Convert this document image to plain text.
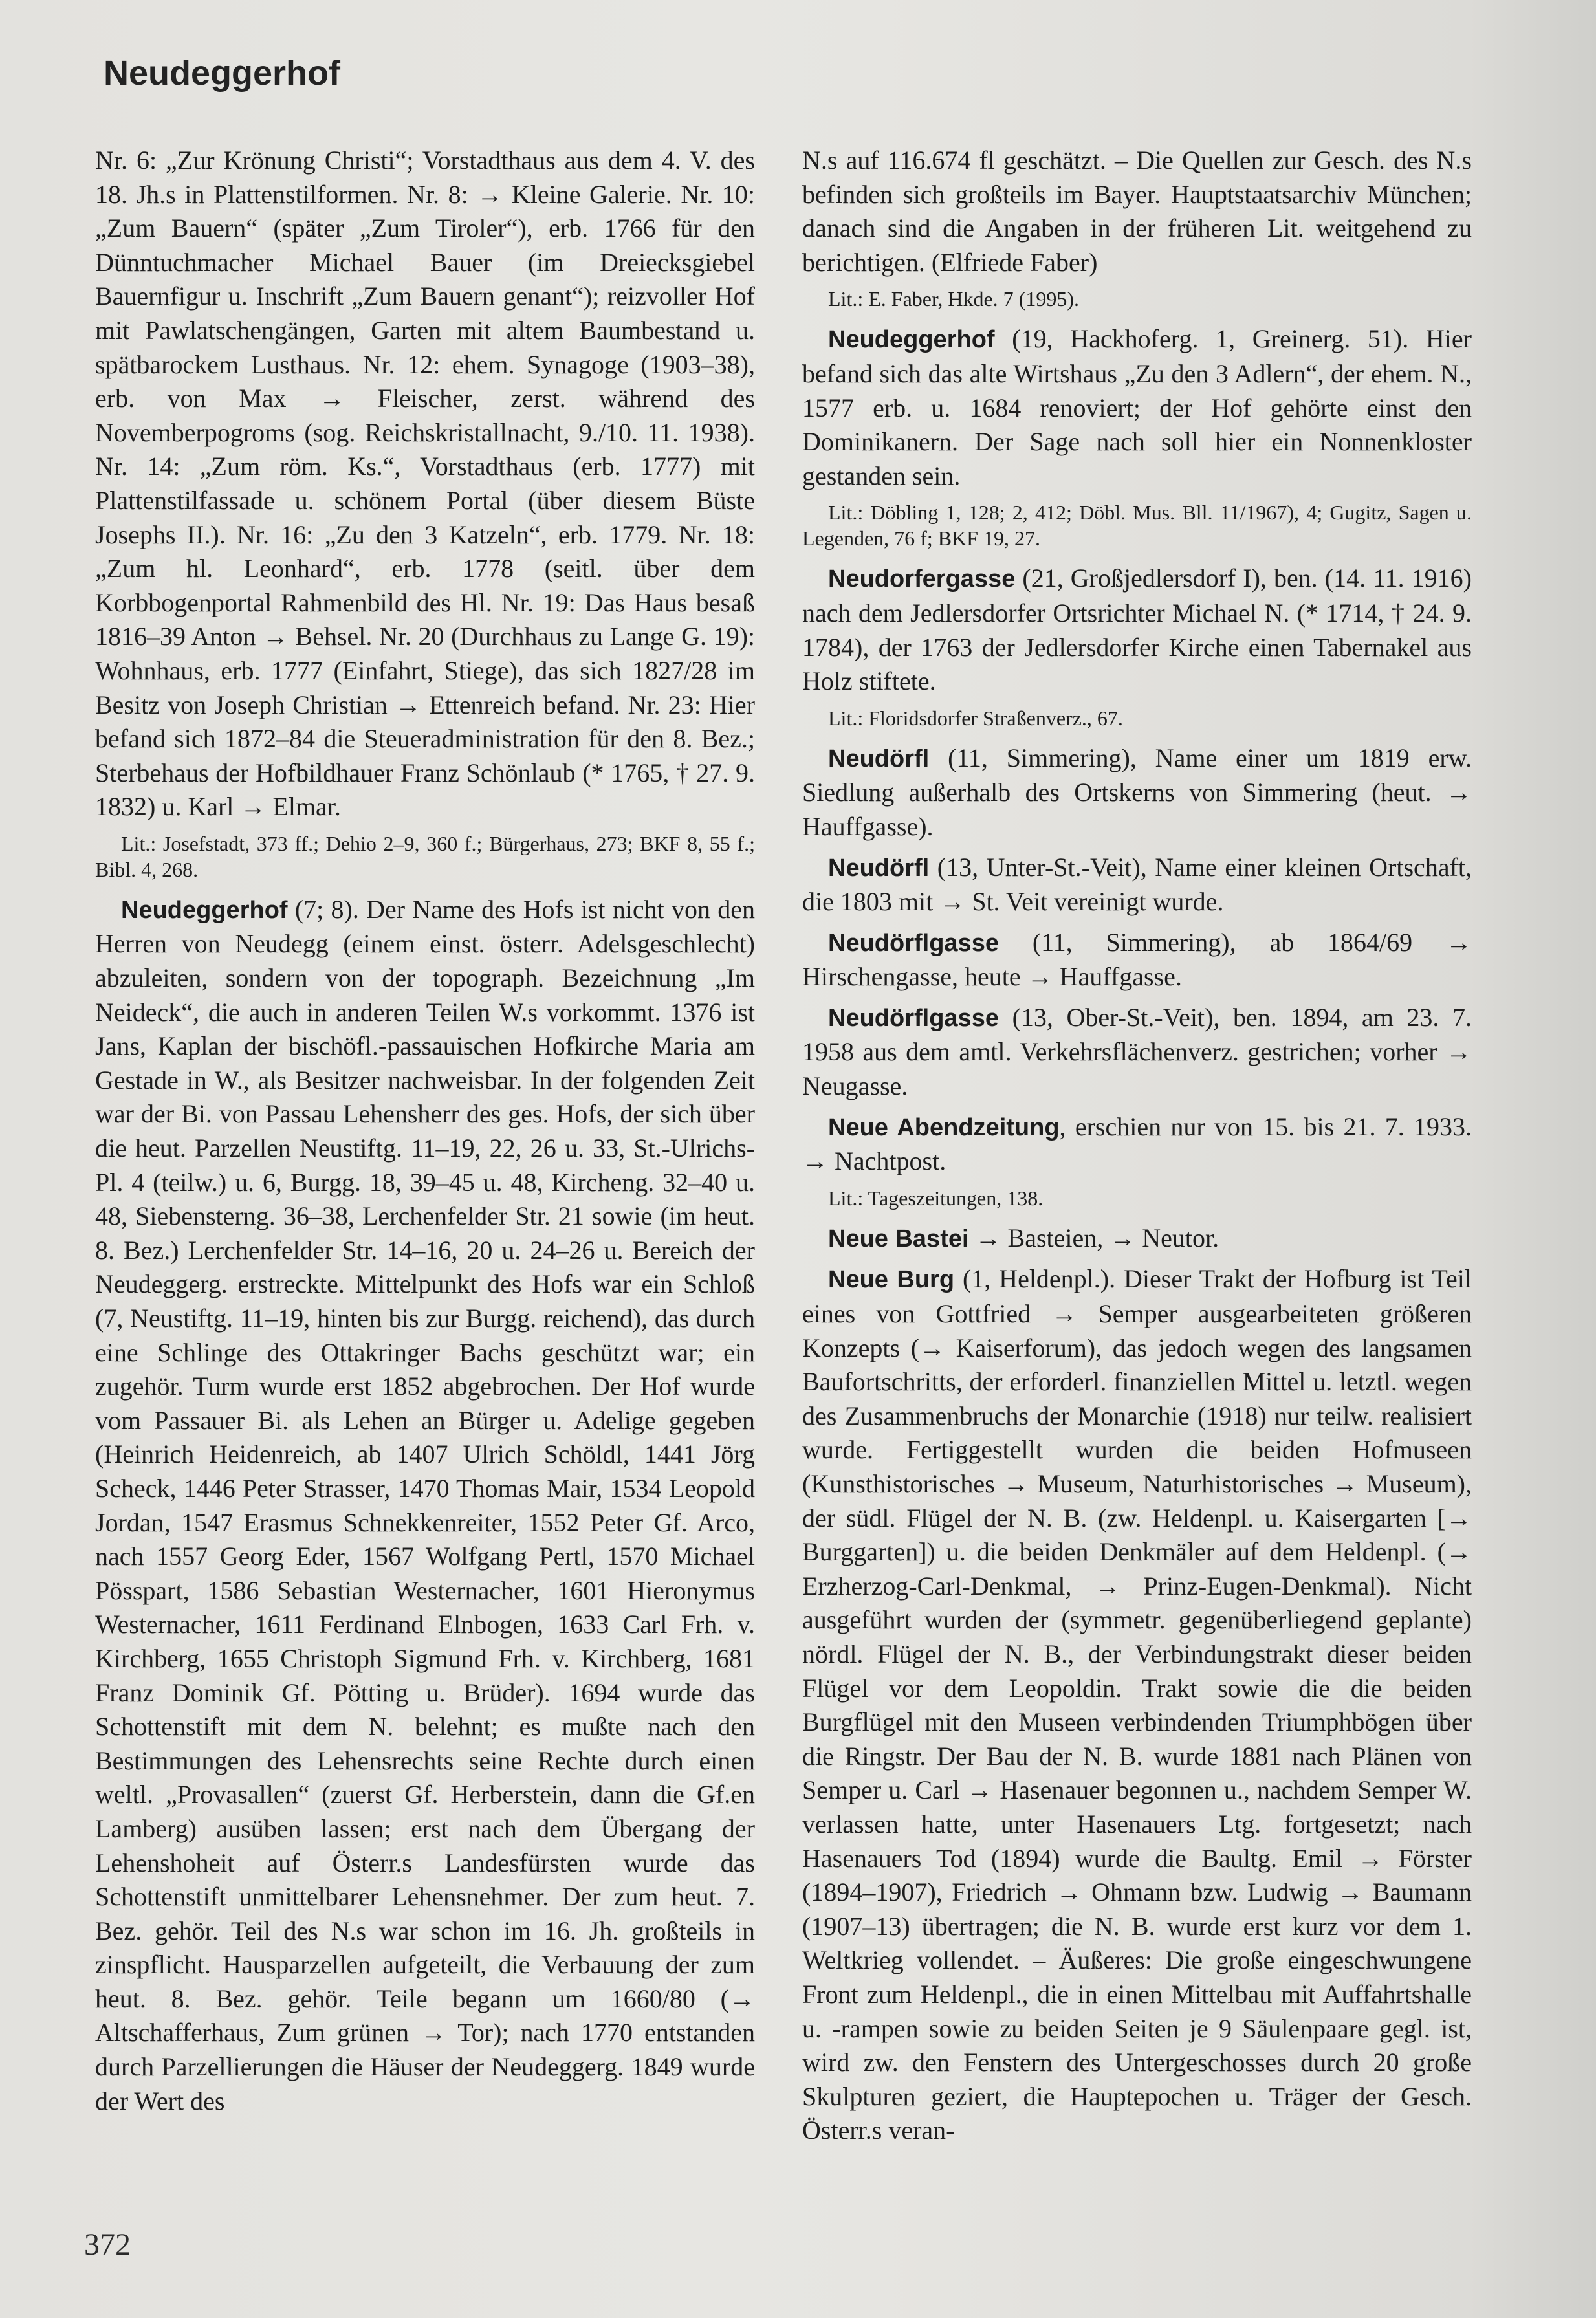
Neudeggerhof

Nr. 6: „Zur Krönung Christi“; Vorstadthaus aus dem 4. V. des 18. Jh.s in Plattenstilformen. Nr. 8: → Kleine Galerie. Nr. 10: „Zum Bauern“ (später „Zum Tiroler“), erb. 1766 für den Dünntuchmacher Michael Bauer (im Dreiecksgiebel Bauernfigur u. Inschrift „Zum Bauern genant“); reizvoller Hof mit Pawlatschengängen, Garten mit altem Baumbestand u. spätbarockem Lusthaus. Nr. 12: ehem. Synagoge (1903–38), erb. von Max → Fleischer, zerst. während des Novemberpogroms (sog. Reichskristallnacht, 9./10. 11. 1938). Nr. 14: „Zum röm. Ks.“, Vorstadthaus (erb. 1777) mit Plattenstilfassade u. schönem Portal (über diesem Büste Josephs II.). Nr. 16: „Zu den 3 Katzeln“, erb. 1779. Nr. 18: „Zum hl. Leonhard“, erb. 1778 (seitl. über dem Korbbogenportal Rahmenbild des Hl. Nr. 19: Das Haus besaß 1816–39 Anton → Behsel. Nr. 20 (Durchhaus zu Lange G. 19): Wohnhaus, erb. 1777 (Einfahrt, Stiege), das sich 1827/28 im Besitz von Joseph Christian → Ettenreich befand. Nr. 23: Hier befand sich 1872–84 die Steueradministration für den 8. Bez.; Sterbehaus der Hofbildhauer Franz Schönlaub (* 1765, † 27. 9. 1832) u. Karl → Elmar.

Lit.: Josefstadt, 373 ff.; Dehio 2–9, 360 f.; Bürgerhaus, 273; BKF 8, 55 f.; Bibl. 4, 268.

Neudeggerhof (7; 8). Der Name des Hofs ist nicht von den Herren von Neudegg (einem einst. österr. Adelsgeschlecht) abzuleiten, sondern von der topograph. Bezeichnung „Im Neideck“, die auch in anderen Teilen W.s vorkommt. 1376 ist Jans, Kaplan der bischöfl.-passauischen Hofkirche Maria am Gestade in W., als Besitzer nachweisbar. In der folgenden Zeit war der Bi. von Passau Lehensherr des ges. Hofs, der sich über die heut. Parzellen Neustiftg. 11–19, 22, 26 u. 33, St.-Ulrichs-Pl. 4 (teilw.) u. 6, Burgg. 18, 39–45 u. 48, Kircheng. 32–40 u. 48, Siebensterng. 36–38, Lerchenfelder Str. 21 sowie (im heut. 8. Bez.) Lerchenfelder Str. 14–16, 20 u. 24–26 u. Bereich der Neudeggerg. erstreckte. Mittelpunkt des Hofs war ein Schloß (7, Neustiftg. 11–19, hinten bis zur Burgg. reichend), das durch eine Schlinge des Ottakringer Bachs geschützt war; ein zugehör. Turm wurde erst 1852 abgebrochen. Der Hof wurde vom Passauer Bi. als Lehen an Bürger u. Adelige gegeben (Heinrich Heidenreich, ab 1407 Ulrich Schöldl, 1441 Jörg Scheck, 1446 Peter Strasser, 1470 Thomas Mair, 1534 Leopold Jordan, 1547 Erasmus Schnekkenreiter, 1552 Peter Gf. Arco, nach 1557 Georg Eder, 1567 Wolfgang Pertl, 1570 Michael Pösspart, 1586 Sebastian Westernacher, 1601 Hieronymus Westernacher, 1611 Ferdinand Elnbogen, 1633 Carl Frh. v. Kirchberg, 1655 Christoph Sigmund Frh. v. Kirchberg, 1681 Franz Dominik Gf. Pötting u. Brüder). 1694 wurde das Schottenstift mit dem N. belehnt; es mußte nach den Bestimmungen des Lehensrechts seine Rechte durch einen weltl. „Provasallen“ (zuerst Gf. Herberstein, dann die Gf.en Lamberg) ausüben lassen; erst nach dem Übergang der Lehenshoheit auf Österr.s Landesfürsten wurde das Schottenstift unmittelbarer Lehensnehmer. Der zum heut. 7. Bez. gehör. Teil des N.s war schon im 16. Jh. großteils in zinspflicht. Hausparzellen aufgeteilt, die Verbauung der zum heut. 8. Bez. gehör. Teile begann um 1660/80 (→ Altschafferhaus, Zum grünen → Tor); nach 1770 entstanden durch Parzellierungen die Häuser der Neudeggerg. 1849 wurde der Wert des

N.s auf 116.674 fl geschätzt. – Die Quellen zur Gesch. des N.s befinden sich großteils im Bayer. Hauptstaatsarchiv München; danach sind die Angaben in der früheren Lit. weitgehend zu berichtigen. (Elfriede Faber)

Lit.: E. Faber, Hkde. 7 (1995).

Neudeggerhof (19, Hackhoferg. 1, Greinerg. 51). Hier befand sich das alte Wirtshaus „Zu den 3 Adlern“, der ehem. N., 1577 erb. u. 1684 renoviert; der Hof gehörte einst den Dominikanern. Der Sage nach soll hier ein Nonnenkloster gestanden sein.

Lit.: Döbling 1, 128; 2, 412; Döbl. Mus. Bll. 11/1967), 4; Gugitz, Sagen u. Legenden, 76 f; BKF 19, 27.

Neudorfergasse (21, Großjedlersdorf I), ben. (14. 11. 1916) nach dem Jedlersdorfer Ortsrichter Michael N. (* 1714, † 24. 9. 1784), der 1763 der Jedlersdorfer Kirche einen Tabernakel aus Holz stiftete.

Lit.: Floridsdorfer Straßenverz., 67.

Neudörfl (11, Simmering), Name einer um 1819 erw. Siedlung außerhalb des Ortskerns von Simmering (heut. → Hauffgasse).

Neudörfl (13, Unter-St.-Veit), Name einer kleinen Ortschaft, die 1803 mit → St. Veit vereinigt wurde.

Neudörflgasse (11, Simmering), ab 1864/69 → Hirschengasse, heute → Hauffgasse.

Neudörflgasse (13, Ober-St.-Veit), ben. 1894, am 23. 7. 1958 aus dem amtl. Verkehrsflächenverz. gestrichen; vorher → Neugasse.

Neue Abendzeitung, erschien nur von 15. bis 21. 7. 1933. → Nachtpost.

Lit.: Tageszeitungen, 138.

Neue Bastei → Basteien, → Neutor.

Neue Burg (1, Heldenpl.). Dieser Trakt der Hofburg ist Teil eines von Gottfried → Semper ausgearbeiteten größeren Konzepts (→ Kaiserforum), das jedoch wegen des langsamen Baufortschritts, der erforderl. finanziellen Mittel u. letztl. wegen des Zusammenbruchs der Monarchie (1918) nur teilw. realisiert wurde. Fertiggestellt wurden die beiden Hofmuseen (Kunsthistorisches → Museum, Naturhistorisches → Museum), der südl. Flügel der N. B. (zw. Heldenpl. u. Kaisergarten [→ Burggarten]) u. die beiden Denkmäler auf dem Heldenpl. (→ Erzherzog-Carl-Denkmal, → Prinz-Eugen-Denkmal). Nicht ausgeführt wurden der (symmetr. gegenüberliegend geplante) nördl. Flügel der N. B., der Verbindungstrakt dieser beiden Flügel vor dem Leopoldin. Trakt sowie die die beiden Burgflügel mit den Museen verbindenden Triumphbögen über die Ringstr. Der Bau der N. B. wurde 1881 nach Plänen von Semper u. Carl → Hasenauer begonnen u., nachdem Semper W. verlassen hatte, unter Hasenauers Ltg. fortgesetzt; nach Hasenauers Tod (1894) wurde die Baultg. Emil → Förster (1894–1907), Friedrich → Ohmann bzw. Ludwig → Baumann (1907–13) übertragen; die N. B. wurde erst kurz vor dem 1. Weltkrieg vollendet. – Äußeres: Die große eingeschwungene Front zum Heldenpl., die in einen Mittelbau mit Auffahrtshalle u. -rampen sowie zu beiden Seiten je 9 Säulenpaare gegl. ist, wird zw. den Fenstern des Untergeschosses durch 20 große Skulpturen geziert, die Hauptepochen u. Träger der Gesch. Österr.s veran-

372
